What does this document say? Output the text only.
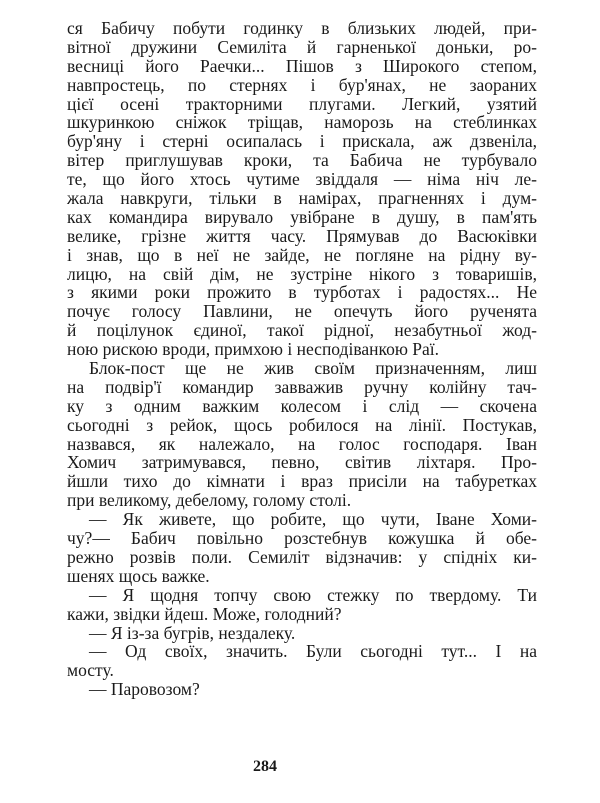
ся Бабичу побути годинку в близьких людей, при-
вітної дружини Семиліта й гарненької доньки, ро-
весниці його Раечки... Пішов з Широкого степом,
навпростець, по стернях і бур'янах, не заораних
цієї осені тракторними плугами. Легкий, узятий
шкуринкою сніжок тріщав, наморозь на стеблинках
бур'яну і стерні осипалась і прискала, аж дзвеніла,
вітер приглушував кроки, та Бабича не турбувало
те, що його хтось чутиме звіддаля — німа ніч ле-
жала навкруги, тільки в намірах, прагненнях і дум-
ках командира вирувало увібране в душу, в пам'ять
велике, грізне життя часу. Прямував до Васюківки
і знав, що в неї не зайде, не погляне на рідну ву-
лицю, на свій дім, не зустріне нікого з товаришів,
з якими роки прожито в турботах і радостях... Не
почує голосу Павлини, не опечуть його рученята
й поцілунок єдиної, такої рідної, незабутньої жод-
ною рискою вроди, примхою і несподіванкою Раї.
Блок-пост ще не жив своїм призначенням, лиш
на подвір'ї командир завважив ручну колійну тач-
ку з одним важким колесом і слід — скочена
сьогодні з рейок, щось робилося на лінії. Постукав,
назвався, як належало, на голос господаря. Іван
Хомич затримувався, певно, світив ліхтаря. Про-
йшли тихо до кімнати і враз присіли на табуретках
при великому, дебелому, голому столі.
— Як живете, що робите, що чути, Іване Хоми-
чу?— Бабич повільно розстебнув кожушка й обе-
режно розвів поли. Семиліт відзначив: у спідніх ки-
шенях щось важке.
— Я щодня топчу свою стежку по твердому. Ти
кажи, звідки йдеш. Може, голодний?
— Я із-за бугрів, нездалеку.
— Од своїх, значить. Були сьогодні тут... І на
мосту.
— Паровозом?
284
